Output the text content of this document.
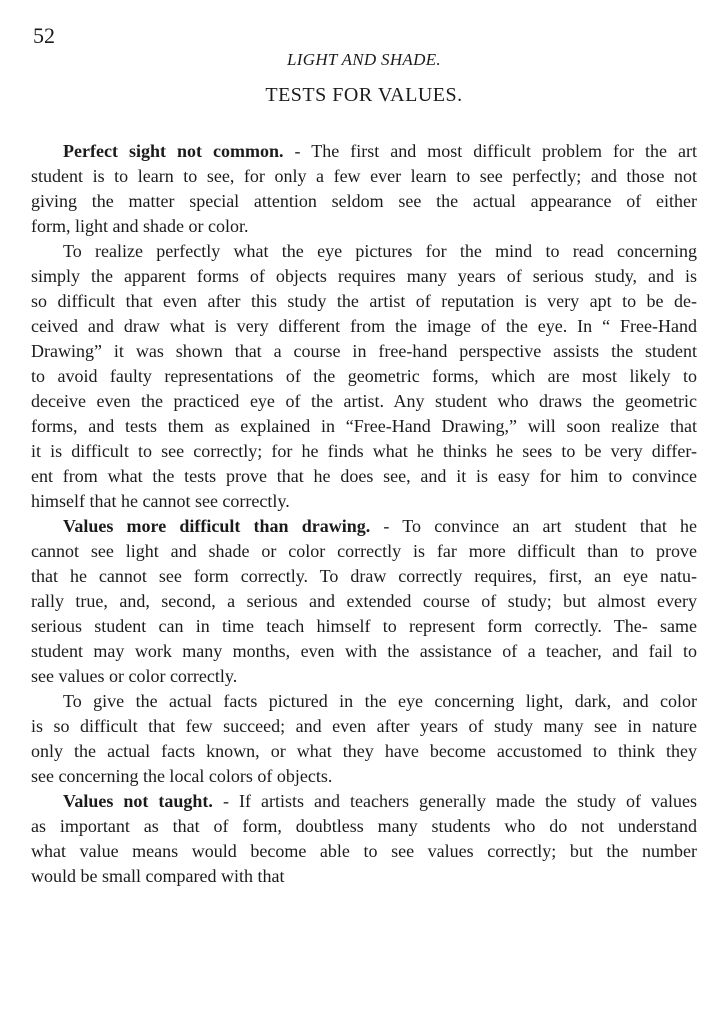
52
LIGHT AND SHADE.
TESTS FOR VALUES.
Perfect sight not common. - The first and most difficult problem for the art
student is to learn to see, for only a few ever learn to see perfectly; and those not
giving the matter special attention seldom see the actual appearance of either
form, light and shade or color.
To realize perfectly what the eye pictures for the mind to read concerning
simply the apparent forms of objects requires many years of serious study, and is
so difficult that even after this study the artist of reputation is very apt to be de-
ceived and draw what is very different from the image of the eye. In “ Free-Hand
Drawing” it was shown that a course in free-hand perspective assists the student
to avoid faulty representations of the geometric forms, which are most likely to
deceive even the practiced eye of the artist. Any student who draws the geometric
forms, and tests them as explained in “Free-Hand Drawing,” will soon realize that
it is difficult to see correctly; for he finds what he thinks he sees to be very differ-
ent from what the tests prove that he does see, and it is easy for him to convince
himself that he cannot see correctly.
Values more difficult than drawing. - To convince an art student that he
cannot see light and shade or color correctly is far more difficult than to prove
that he cannot see form correctly. To draw correctly requires, first, an eye natu-
rally true, and, second, a serious and extended course of study; but almost every
serious student can in time teach himself to represent form correctly. The- same
student may work many months, even with the assistance of a teacher, and fail to
see values or color correctly.
To give the actual facts pictured in the eye concerning light, dark, and color
is so difficult that few succeed; and even after years of study many see in nature
only the actual facts known, or what they have become accustomed to think they
see concerning the local colors of objects.
Values not taught. - If artists and teachers generally made the study of values
as important as that of form, doubtless many students who do not understand
what value means would become able to see values correctly; but the number
would be small compared with that
